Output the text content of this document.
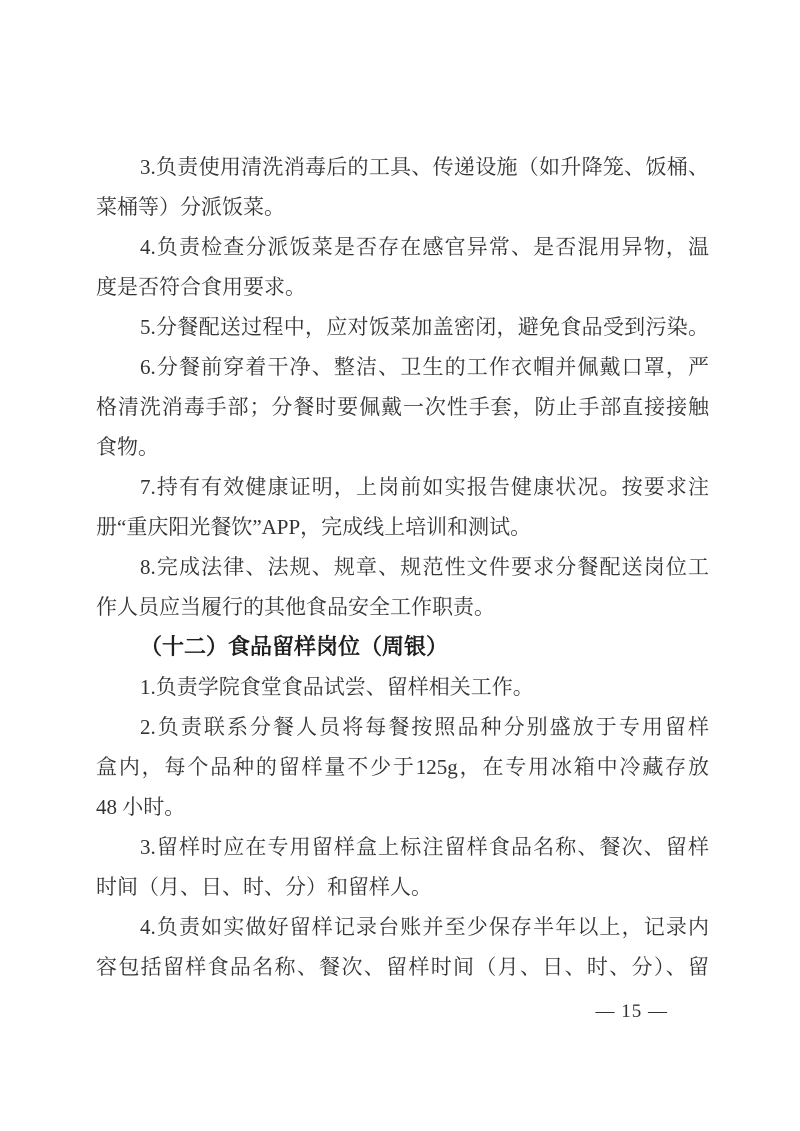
3.负责使用清洗消毒后的工具、传递设施（如升降笼、饭桶、
菜桶等）分派饭菜。
4.负责检查分派饭菜是否存在感官异常、是否混用异物，温
度是否符合食用要求。
5.分餐配送过程中，应对饭菜加盖密闭，避免食品受到污染。
6.分餐前穿着干净、整洁、卫生的工作衣帽并佩戴口罩，严
格清洗消毒手部；分餐时要佩戴一次性手套，防止手部直接接触
食物。
7.持有有效健康证明，上岗前如实报告健康状况。按要求注
册“重庆阳光餐饮”APP，完成线上培训和测试。
8.完成法律、法规、规章、规范性文件要求分餐配送岗位工
作人员应当履行的其他食品安全工作职责。
（十二）食品留样岗位（周银）
1.负责学院食堂食品试尝、留样相关工作。
2.负责联系分餐人员将每餐按照品种分别盛放于专用留样
盒内，每个品种的留样量不少于125g，在专用冰箱中冷藏存放
48 小时。
3.留样时应在专用留样盒上标注留样食品名称、餐次、留样
时间（月、日、时、分）和留样人。
4.负责如实做好留样记录台账并至少保存半年以上，记录内
容包括留样食品名称、餐次、留样时间（月、日、时、分）、留
— 15 —
